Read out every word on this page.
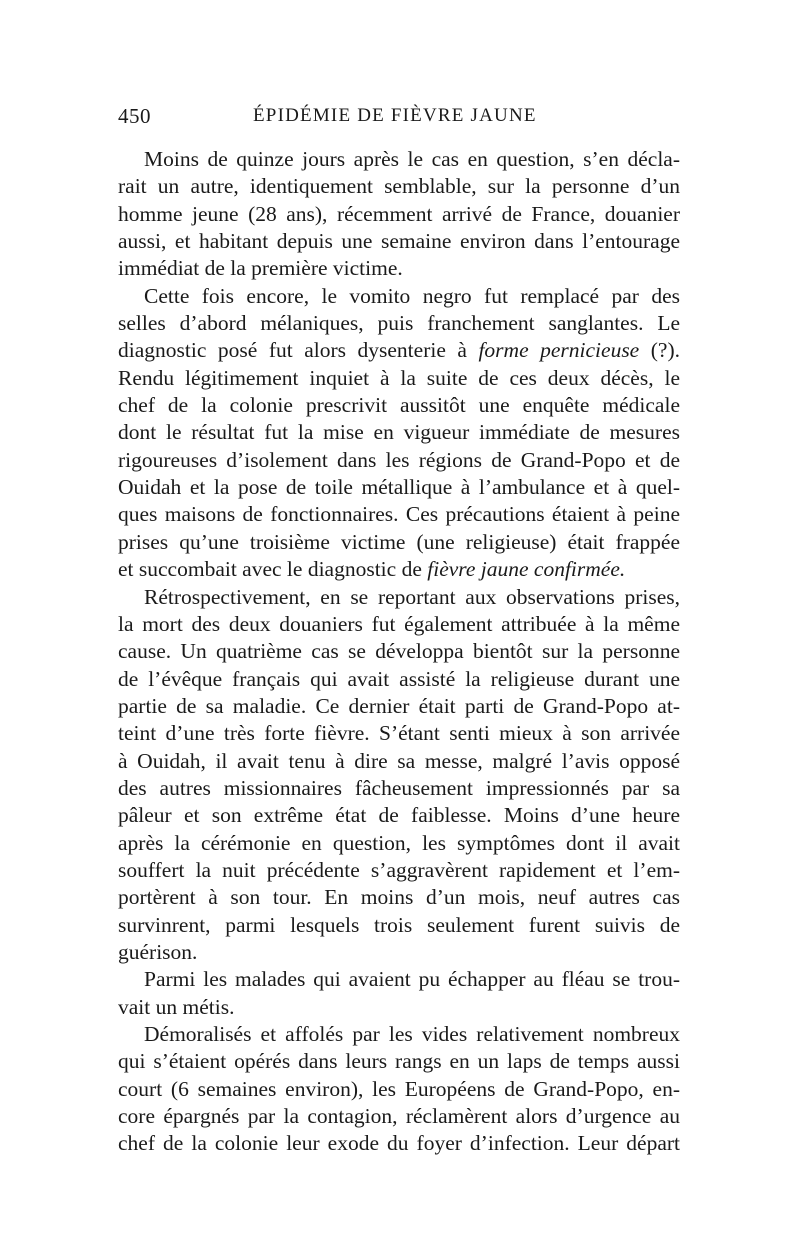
450	ÉPIDÉMIE DE FIÈVRE JAUNE
Moins de quinze jours après le cas en question, s’en décla-
rait un autre, identiquement semblable, sur la personne d’un
homme jeune (28 ans), récemment arrivé de France, douanier
aussi, et habitant depuis une semaine environ dans l’entourage
immédiat de la première victime.
Cette fois encore, le vomito negro fut remplacé par des
selles d’abord mélaniques, puis franchement sanglantes. Le
diagnostic posé fut alors dysenterie à forme pernicieuse (?).
Rendu légitimement inquiet à la suite de ces deux décès, le
chef de la colonie prescrivit aussitôt une enquête médicale
dont le résultat fut la mise en vigueur immédiate de mesures
rigoureuses d’isolement dans les régions de Grand-Popo et de
Ouidah et la pose de toile métallique à l’ambulance et à quel-
ques maisons de fonctionnaires. Ces précautions étaient à peine
prises qu’une troisième victime (une religieuse) était frappée
et succombait avec le diagnostic de fièvre jaune confirmée.
Rétrospectivement, en se reportant aux observations prises,
la mort des deux douaniers fut également attribuée à la même
cause. Un quatrième cas se développa bientôt sur la personne
de l’évêque français qui avait assisté la religieuse durant une
partie de sa maladie. Ce dernier était parti de Grand-Popo at-
teint d’une très forte fièvre. S’étant senti mieux à son arrivée
à Ouidah, il avait tenu à dire sa messe, malgré l’avis opposé
des autres missionnaires fâcheusement impressionnés par sa
pâleur et son extrême état de faiblesse. Moins d’une heure
après la cérémonie en question, les symptômes dont il avait
souffert la nuit précédente s’aggravèrent rapidement et l’em-
portèrent à son tour. En moins d’un mois, neuf autres cas
survinrent, parmi lesquels trois seulement furent suivis de
guérison.
Parmi les malades qui avaient pu échapper au fléau se trou-
vait un métis.
Démoralisés et affolés par les vides relativement nombreux
qui s’étaient opérés dans leurs rangs en un laps de temps aussi
court (6 semaines environ), les Européens de Grand-Popo, en-
core épargnés par la contagion, réclamèrent alors d’urgence au
chef de la colonie leur exode du foyer d’infection. Leur départ
